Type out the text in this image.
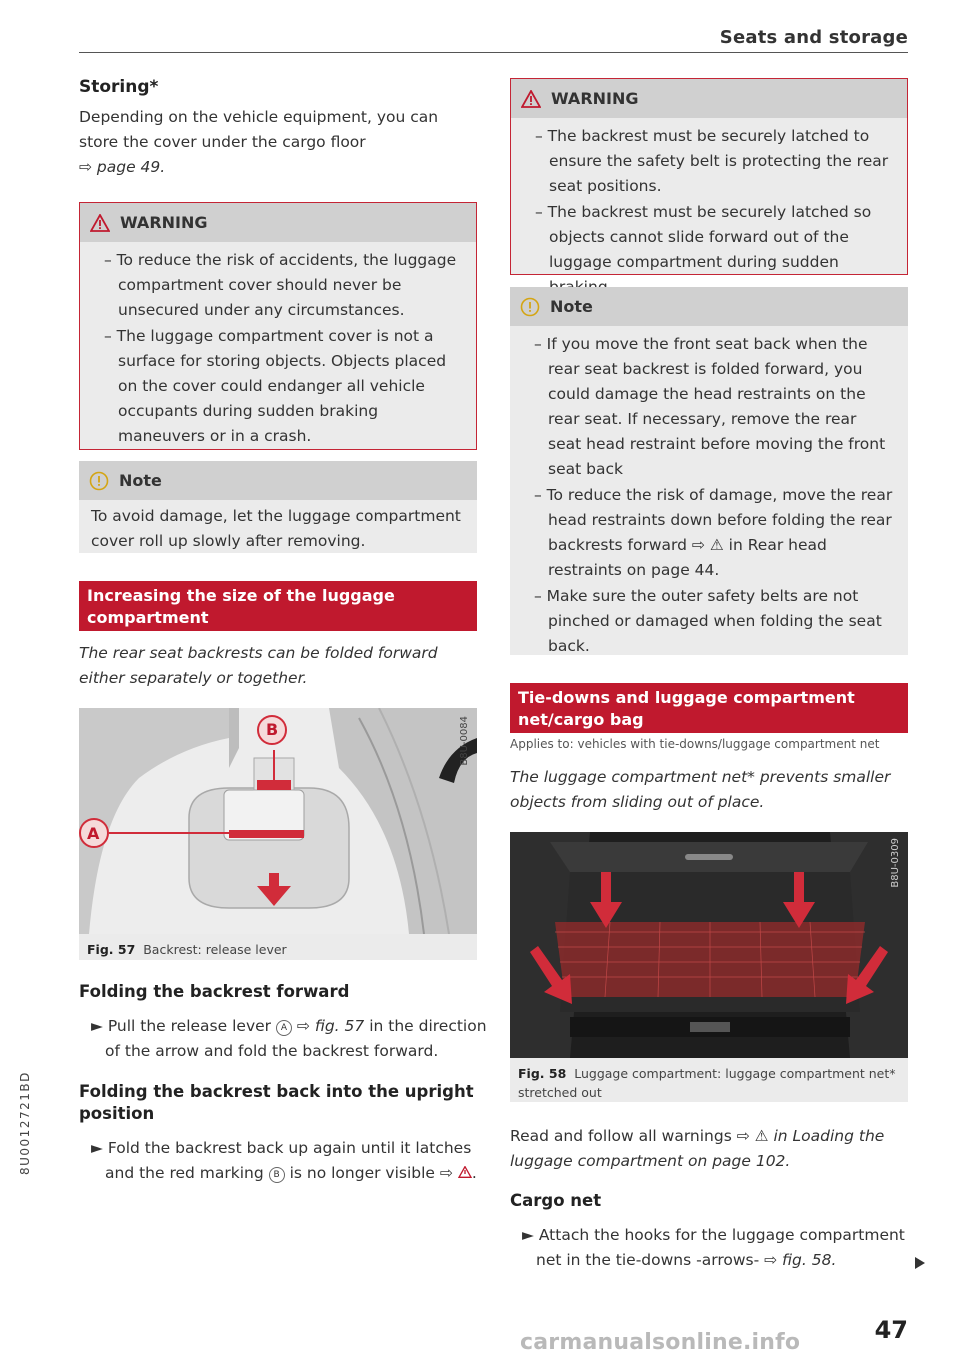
Seats and storage

Storing*

Depending on the vehicle equipment, you can store the cover under the cargo floor

⇨ page 49.

WARNING

– To reduce the risk of accidents, the luggage compartment cover should never be unsecured under any circumstances.

– The luggage compartment cover is not a surface for storing objects. Objects placed on the cover could endanger all vehicle occupants during sudden braking maneuvers or in a crash.

Note

To avoid damage, let the luggage compartment cover roll up slowly after removing.

Increasing the size of the luggage compartment

The rear seat backrests can be folded forward either separately or together.

B
A
B8U-0084
Fig. 57 Backrest: release lever

Folding the backrest forward

► Pull the release lever A ⇨ fig. 57 in the direction of the arrow and fold the backrest forward.

Folding the backrest back into the upright position

► Fold the backrest back up again until it latches and the red marking B is no longer visible ⇨ .

WARNING

– The backrest must be securely latched to ensure the safety belt is protecting the rear seat positions.

– The backrest must be securely latched so objects cannot slide forward out of the luggage compartment during sudden

Note

– If you move the front seat back when the rear seat backrest is folded forward, you could damage the head restraints on the rear seat. If necessary, remove the rear seat head restraint before moving the front seat back

– To reduce the risk of damage, move the rear head restraints down before folding the rear backrests forward ⇨ ⚠ in Rear head restraints on page 44.

– Make sure the outer safety belts are not pinched or damaged when folding the seat back.

Tie-downs and luggage compartment net/cargo bag

Applies to: vehicles with tie-downs/luggage compartment net

The luggage compartment net* prevents smaller objects from sliding out of place.

B8U-0309
Fig. 58 Luggage compartment: luggage compartment net* stretched out

Read and follow all warnings ⇨ ⚠ in Loading the luggage compartment on page 102.

Cargo net

► Attach the hooks for the luggage compartment net in the tie-downs -arrows- ⇨ fig. 58.

8U0012721BD
47
carmanualsonline.info
